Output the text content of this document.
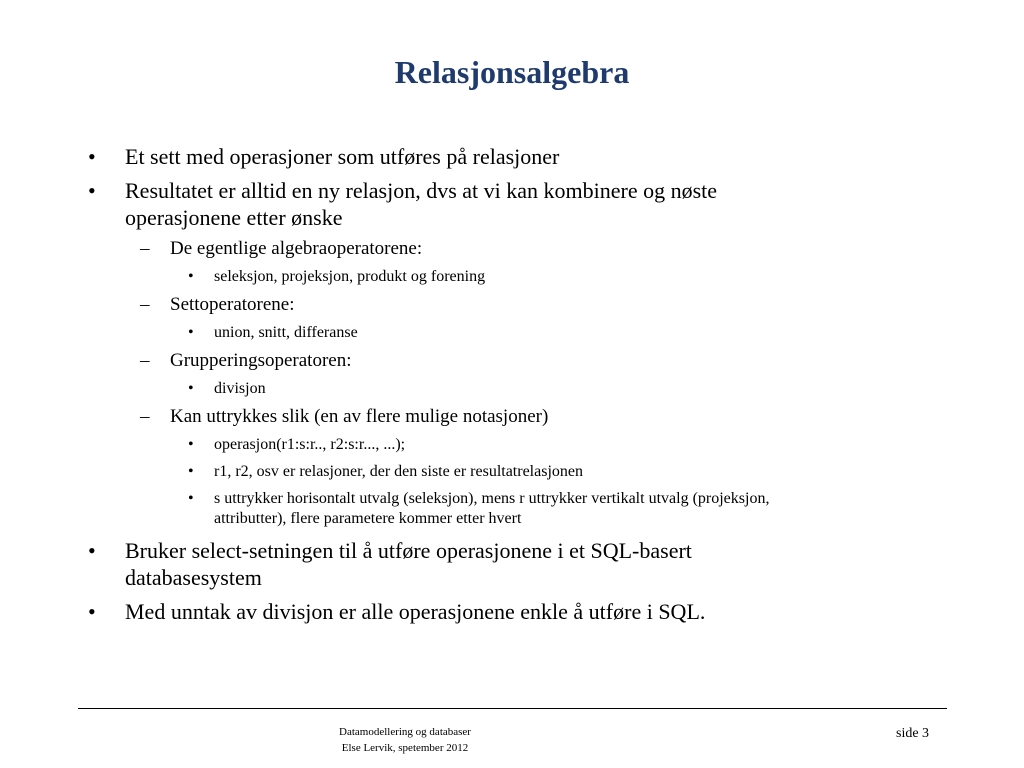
Relasjonsalgebra
• Et sett med operasjoner som utføres på relasjoner
• Resultatet er alltid en ny relasjon, dvs at vi kan kombinere og nøste
operasjonene etter ønske
– De egentlige algebraoperatorene:
• seleksjon, projeksjon, produkt og forening
– Settoperatorene:
• union, snitt, differanse
– Grupperingsoperatoren:
• divisjon
– Kan uttrykkes slik (en av flere mulige notasjoner)
• operasjon(r1:s:r.., r2:s:r..., ...);
• r1, r2, osv er relasjoner, der den siste er resultatrelasjonen
• s uttrykker horisontalt utvalg (seleksjon), mens r uttrykker vertikalt utvalg (projeksjon,
attributter), flere parametere kommer etter hvert
• Bruker select-setningen til å utføre operasjonene i et SQL-basert
databasesystem
• Med unntak av divisjon er alle operasjonene enkle å utføre i SQL.
Datamodellering og databaser
Else Lervik, spetember 2012
side 3
